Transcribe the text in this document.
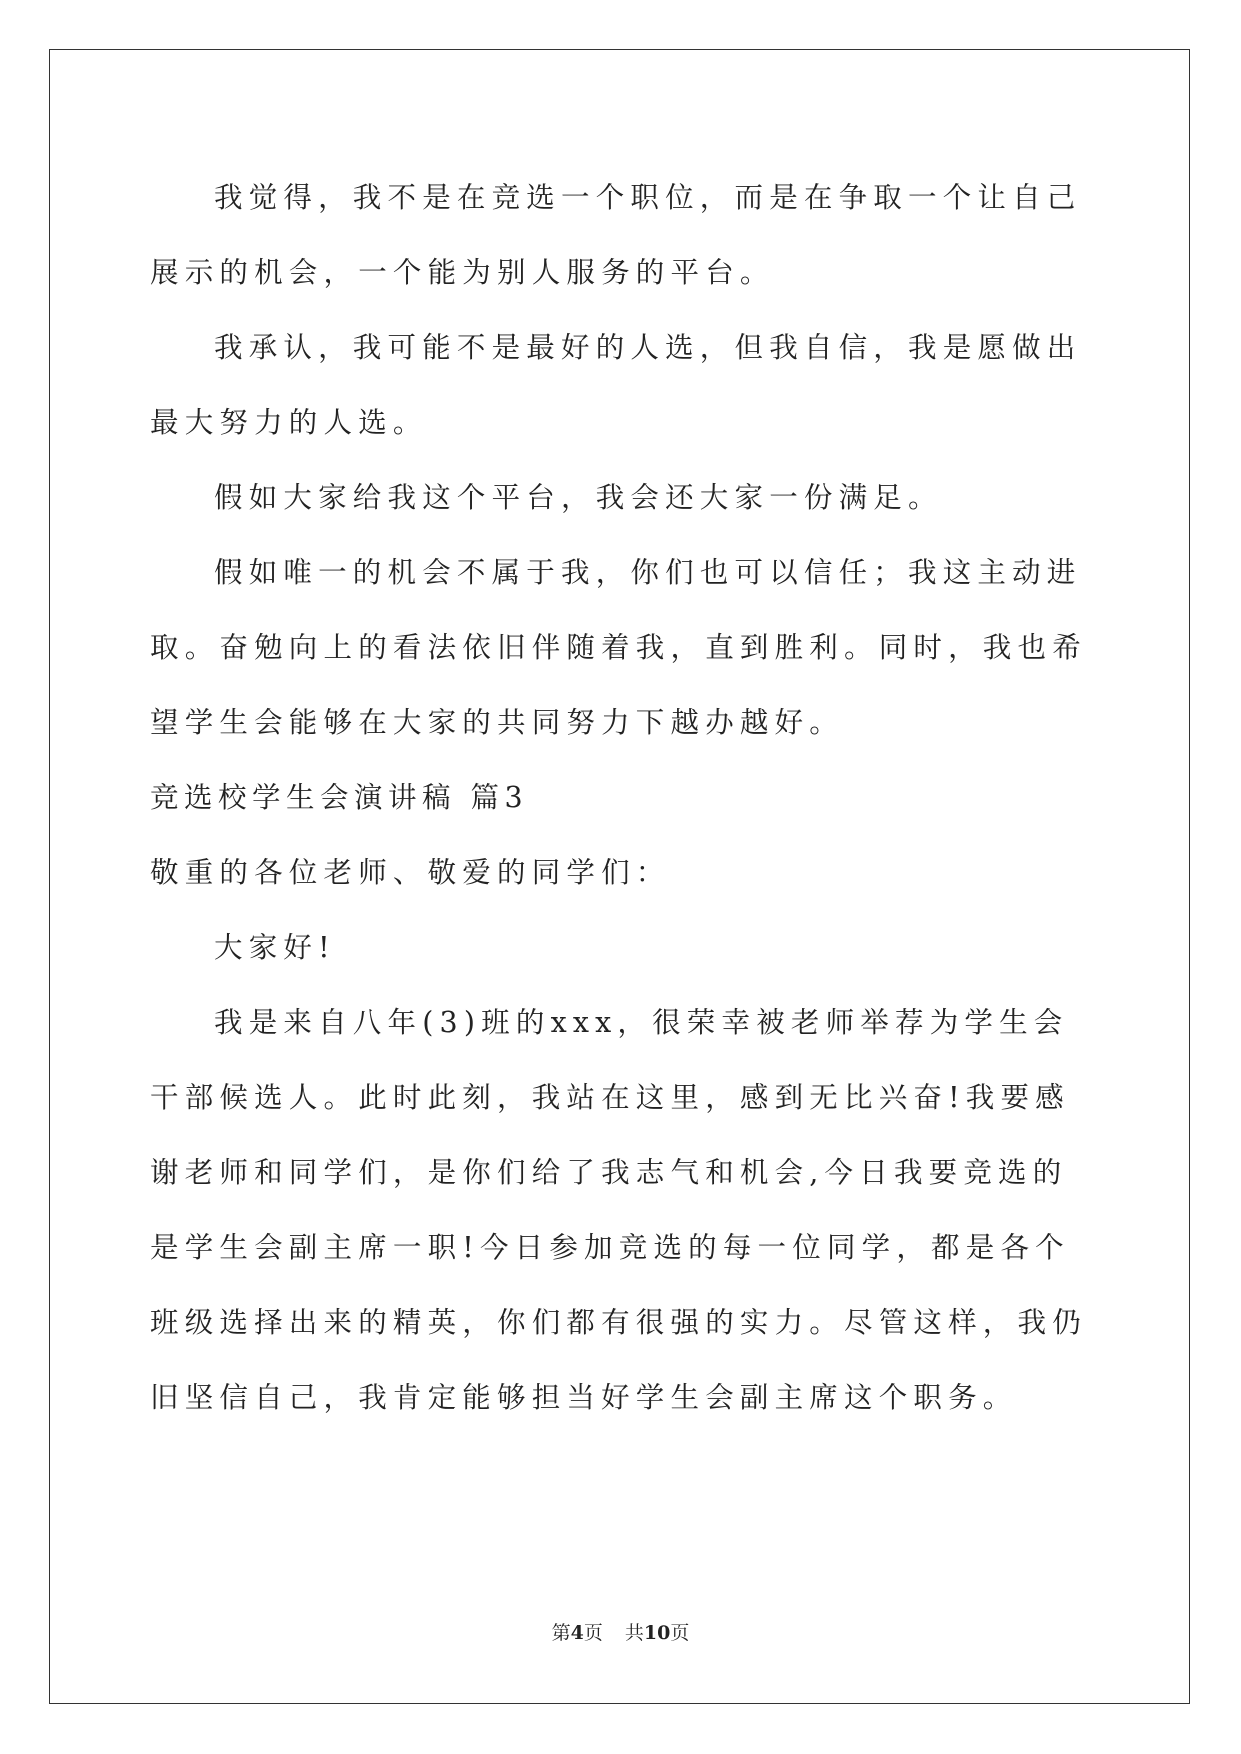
我觉得，我不是在竞选一个职位，而是在争取一个让自己展示的机会，一个能为别人服务的平台。

我承认，我可能不是最好的人选，但我自信，我是愿做出最大努力的人选。

假如大家给我这个平台，我会还大家一份满足。

假如唯一的机会不属于我，你们也可以信任；我这主动进取。奋勉向上的看法依旧伴随着我，直到胜利。同时，我也希望学生会能够在大家的共同努力下越办越好。

竞选校学生会演讲稿 篇3

敬重的各位老师、敬爱的同学们：

大家好!

我是来自八年(3)班的xxx，很荣幸被老师举荐为学生会干部候选人。此时此刻，我站在这里，感到无比兴奋!我要感谢老师和同学们，是你们给了我志气和机会,今日我要竞选的是学生会副主席一职!今日参加竞选的每一位同学，都是各个班级选择出来的精英，你们都有很强的实力。尽管这样，我仍旧坚信自己，我肯定能够担当好学生会副主席这个职务。

第4页 共10页
